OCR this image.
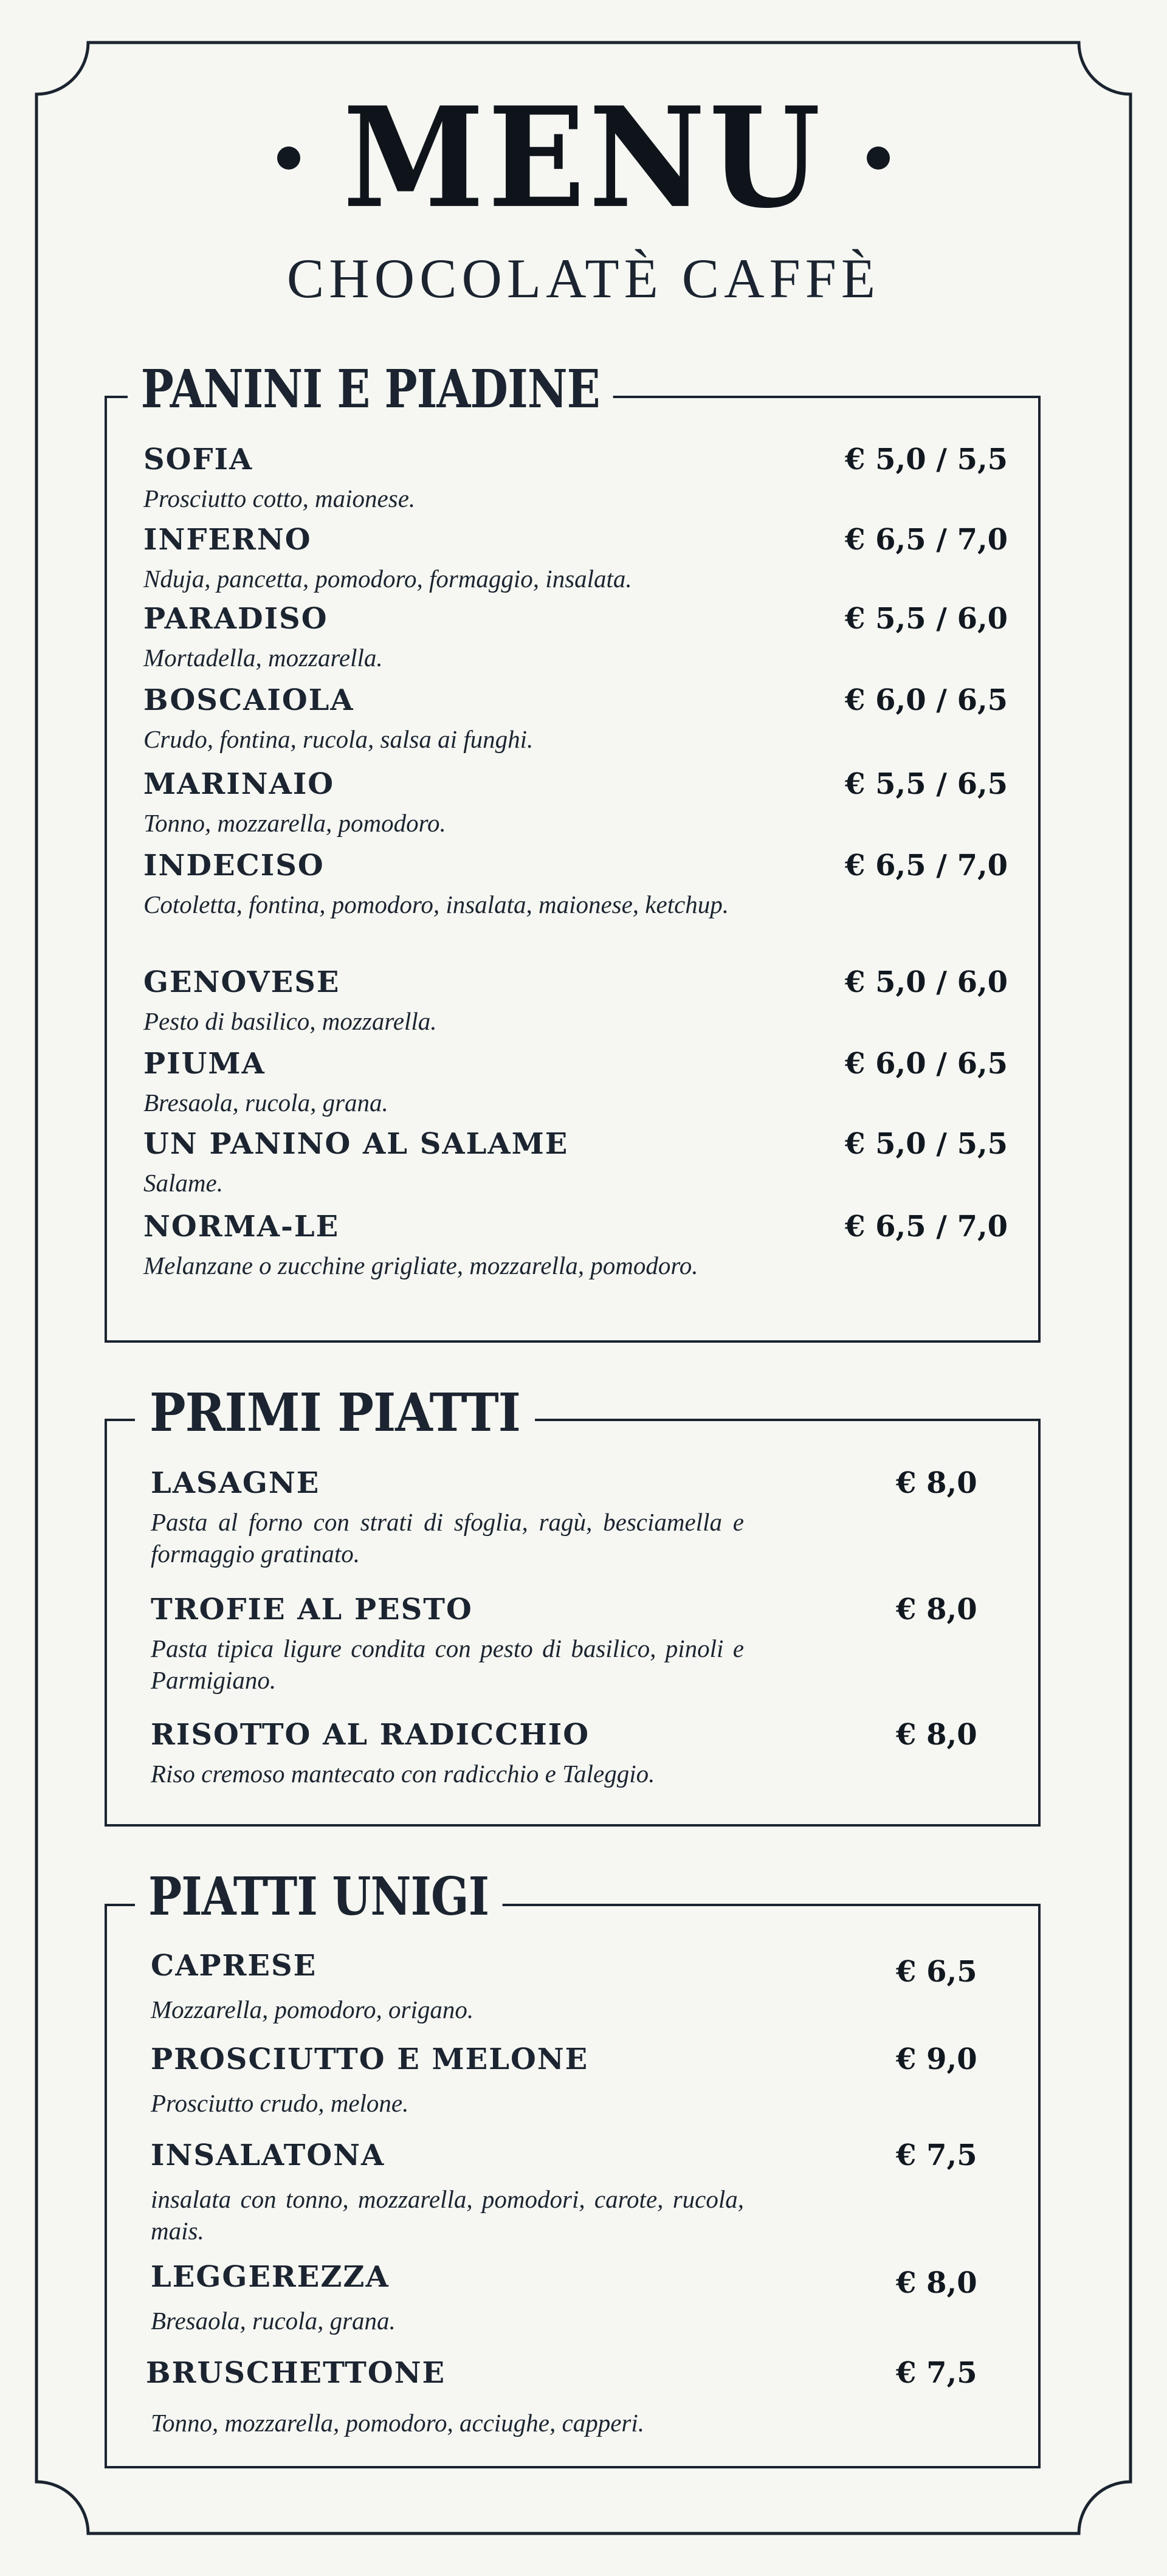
MENU
CHOCOLATÈ CAFFÈ
PANINI E PIADINE
PRIMI PIATTI
PIATTI UNIGI
SOFIA
Prosciutto cotto, maionese.
€ 5,0 / 5,5
INFERNO
Nduja, pancetta, pomodoro, formaggio, insalata.
€ 6,5 / 7,0
PARADISO
Mortadella, mozzarella.
€ 5,5 / 6,0
BOSCAIOLA
Crudo, fontina, rucola, salsa ai funghi.
€ 6,0 / 6,5
MARINAIO
Tonno, mozzarella, pomodoro.
€ 5,5 / 6,5
INDECISO
Cotoletta, fontina, pomodoro, insalata, maionese, ketchup.
€ 6,5 / 7,0
GENOVESE
Pesto di basilico, mozzarella.
€ 5,0 / 6,0
PIUMA
Bresaola, rucola, grana.
€ 6,0 / 6,5
UN PANINO AL SALAME
Salame.
€ 5,0 / 5,5
NORMA-LE
Melanzane o zucchine grigliate, mozzarella, pomodoro.
€ 6,5 / 7,0
LASAGNE
Pasta al forno con strati di sfoglia, ragù, besciamella e formaggio gratinato.
€ 8,0
TROFIE AL PESTO
Pasta tipica ligure condita con pesto di basilico, pinoli e Parmigiano.
€ 8,0
RISOTTO AL RADICCHIO
Riso cremoso mantecato con radicchio e Taleggio.
€ 8,0
CAPRESE
Mozzarella, pomodoro, origano.
€ 6,5
PROSCIUTTO E MELONE
Prosciutto crudo, melone.
€ 9,0
INSALATONA
insalata con tonno, mozzarella, pomodori, carote, rucola, mais.
€ 7,5
LEGGEREZZA
Bresaola, rucola, grana.
€ 8,0
BRUSCHETTONE
Tonno, mozzarella, pomodoro, acciughe, capperi.
€ 7,5
